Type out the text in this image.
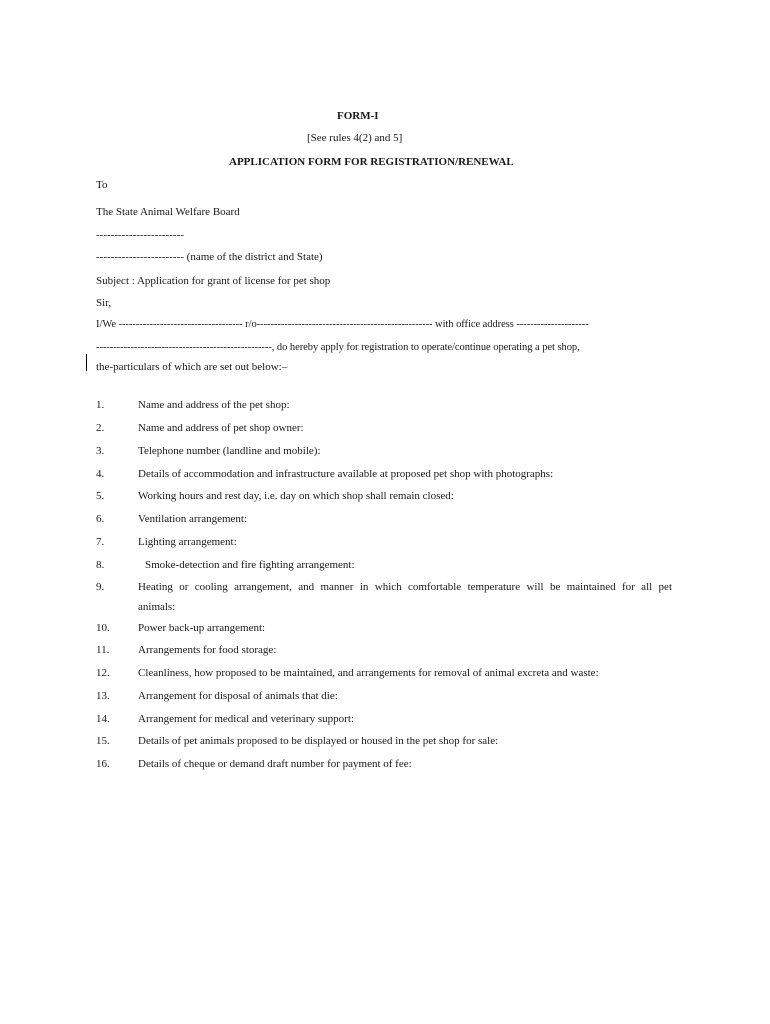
FORM-I
[See rules 4(2) and 5]
APPLICATION FORM FOR REGISTRATION/RENEWAL
To
The State Animal Welfare Board
------------------------
------------------------ (name of the district and State)
Subject : Application for grant of license for pet shop
Sir,
I/We ------------------------------------ r/o--------------------------------------------------- with office address ---------------------
---------------------------------------------------, do hereby apply for registration to operate/continue operating a pet shop,
the-particulars of which are set out below:–
1.	Name and address of the pet shop:
2.	Name and address of pet shop owner:
3.	Telephone number (landline and mobile):
4.	Details of accommodation and infrastructure available at proposed pet shop with photographs:
5.	Working hours and rest day, i.e. day on which shop shall remain closed:
6.	Ventilation arrangement:
7.	Lighting arrangement:
8.	Smoke-detection and fire fighting arrangement:
9.	Heating or cooling arrangement, and manner in which comfortable temperature will be maintained for all pet
animals:
10.	Power back-up arrangement:
11.	Arrangements for food storage:
12.	Cleanliness, how proposed to be maintained, and arrangements for removal of animal excreta and waste:
13.	Arrangement for disposal of animals that die:
14.	Arrangement for medical and veterinary support:
15.	Details of pet animals proposed to be displayed or housed in the pet shop for sale:
16.	Details of cheque or demand draft number for payment of fee:
